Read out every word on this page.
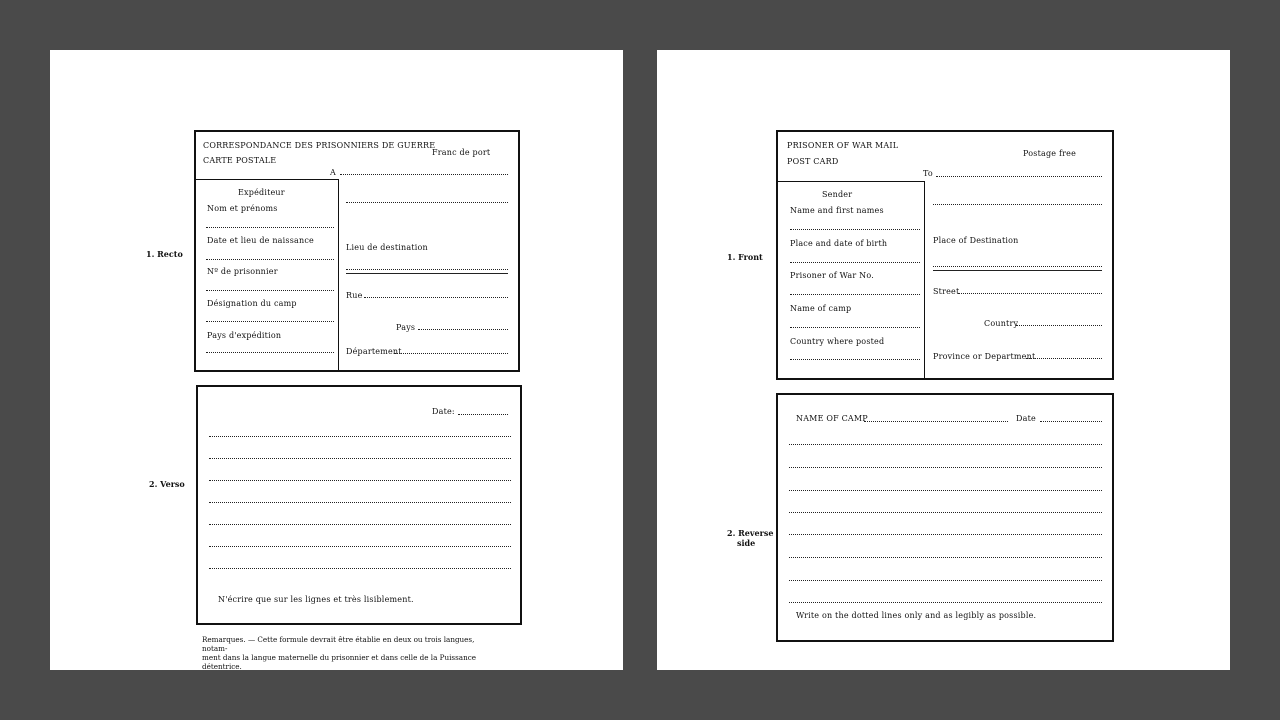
1. Recto
2. Verso
CORRESPONDANCE DES PRISONNIERS DE GUERRE
CARTE POSTALE
Franc de port
A
Expéditeur
Nom et prénoms
Date et lieu de naissance
Nº de prisonnier
Désignation du camp
Pays d'expédition
Lieu de destination
Rue
Pays
Département
Date:
N'écrire que sur les lignes et très lisiblement.
Remarques. — Cette formule devrait être établie en deux ou trois langues, notam-
ment dans la langue maternelle du prisonnier et dans celle de la Puissance détentrice.
1. Front
2. Reverse
side
PRISONER OF WAR MAIL
POST CARD
Postage free
To
Sender
Name and first names
Place and date of birth
Prisoner of War No.
Name of camp
Country where posted
Place of Destination
Street
Country
Province or Department
NAME OF CAMP	Date
Write on the dotted lines only and as legibly as possible.
